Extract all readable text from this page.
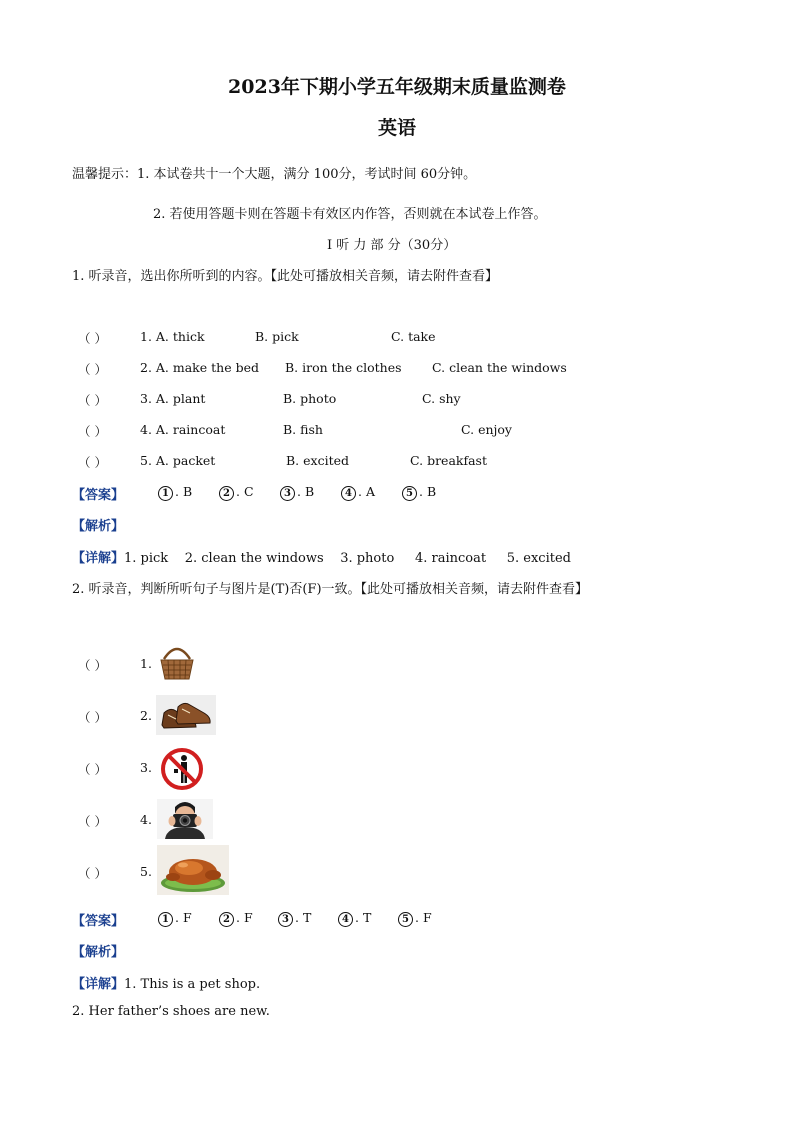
2023年下期小学五年级期末质量监测卷
英语
温馨提示：1. 本试卷共十一个大题，满分 100分，考试时间 60分钟。
2. 若使用答题卡则在答题卡有效区内作答，否则就在本试卷上作答。
I 听 力 部 分（30分）
1. 听录音，选出你所听到的内容。【此处可播放相关音频，请去附件查看】
（ ）	1. A. thick	B. pick	C. take
（ ）	2. A. make the bed B. iron the clothes C. clean the windows
（ ）	3. A. plant	B. photo	C. shy
（ ）	4. A. raincoat	B. fish	C. enjoy
（ ）	5. A. packet	B. excited	C. breakfast
【答案】	1 . B	2 . C	3 . B	4 . A	5 . B
【解析】
【详解】1. pick    2. clean the windows    3. photo     4. raincoat     5. excited
2. 听录音，判断所听句子与图片是(T)否(F)一致。【此处可播放相关音频，请去附件查看】
（ ）	1.
（ ）	2.
（ ）	3.
（ ）	4.
（ ）	5.
【答案】	1 . F	2 . F	3 . T	4 . T	5 . F
【解析】
【详解】1. This is a pet shop.
2. Her father’s shoes are new.
